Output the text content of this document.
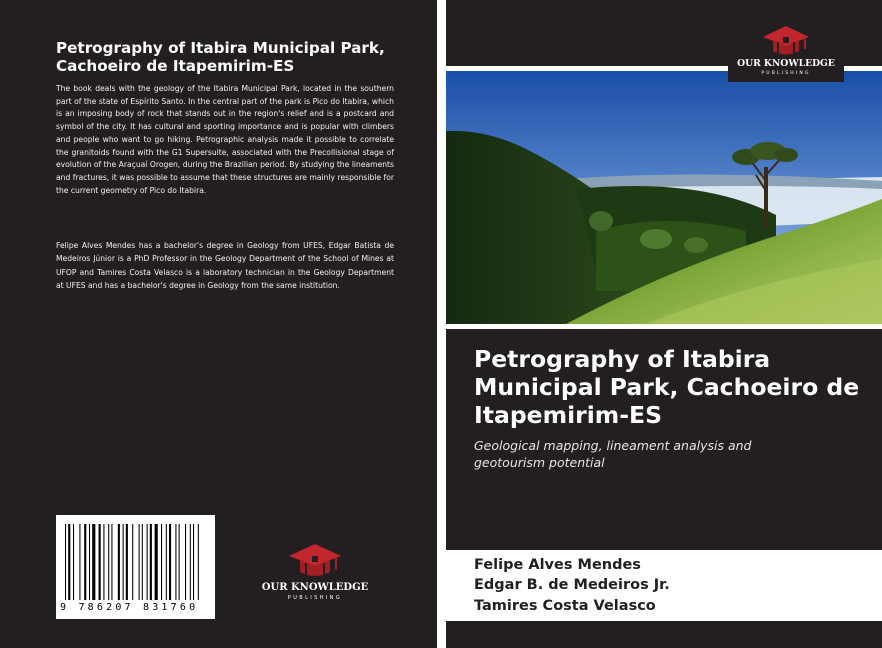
Petrography of Itabira Municipal Park, Cachoeiro de Itapemirim-ES
The book deals with the geology of the Itabira Municipal Park, located in the southern part of the state of Espírito Santo. In the central part of the park is Pico do Itabira, which is an imposing body of rock that stands out in the region's relief and is a postcard and symbol of the city. It has cultural and sporting importance and is popular with climbers and people who want to go hiking. Petrographic analysis made it possible to correlate the granitoids found with the G1 Supersuite, associated with the Precollisional stage of evolution of the Araçuaí Orogen, during the Brazilian period. By studying the lineaments and fractures, it was possible to assume that these structures are mainly responsible for the current geometry of Pico do Itabira.
Felipe Alves Mendes has a bachelor's degree in Geology from UFES, Edgar Batista de Medeiros Júnior is a PhD Professor in the Geology Department of the School of Mines at UFOP and Tamires Costa Velasco is a laboratory technician in the Geology Department at UFES and has a bachelor's degree in Geology from the same institution.
9 786207 831760
OUR KNOWLEDGE
PUBLISHING
OUR KNOWLEDGE
PUBLISHING
Petrography of Itabira Municipal Park, Cachoeiro de Itapemirim-ES
Geological mapping, lineament analysis and geotourism potential
Felipe Alves Mendes
Edgar B. de Medeiros Jr.
Tamires Costa Velasco
